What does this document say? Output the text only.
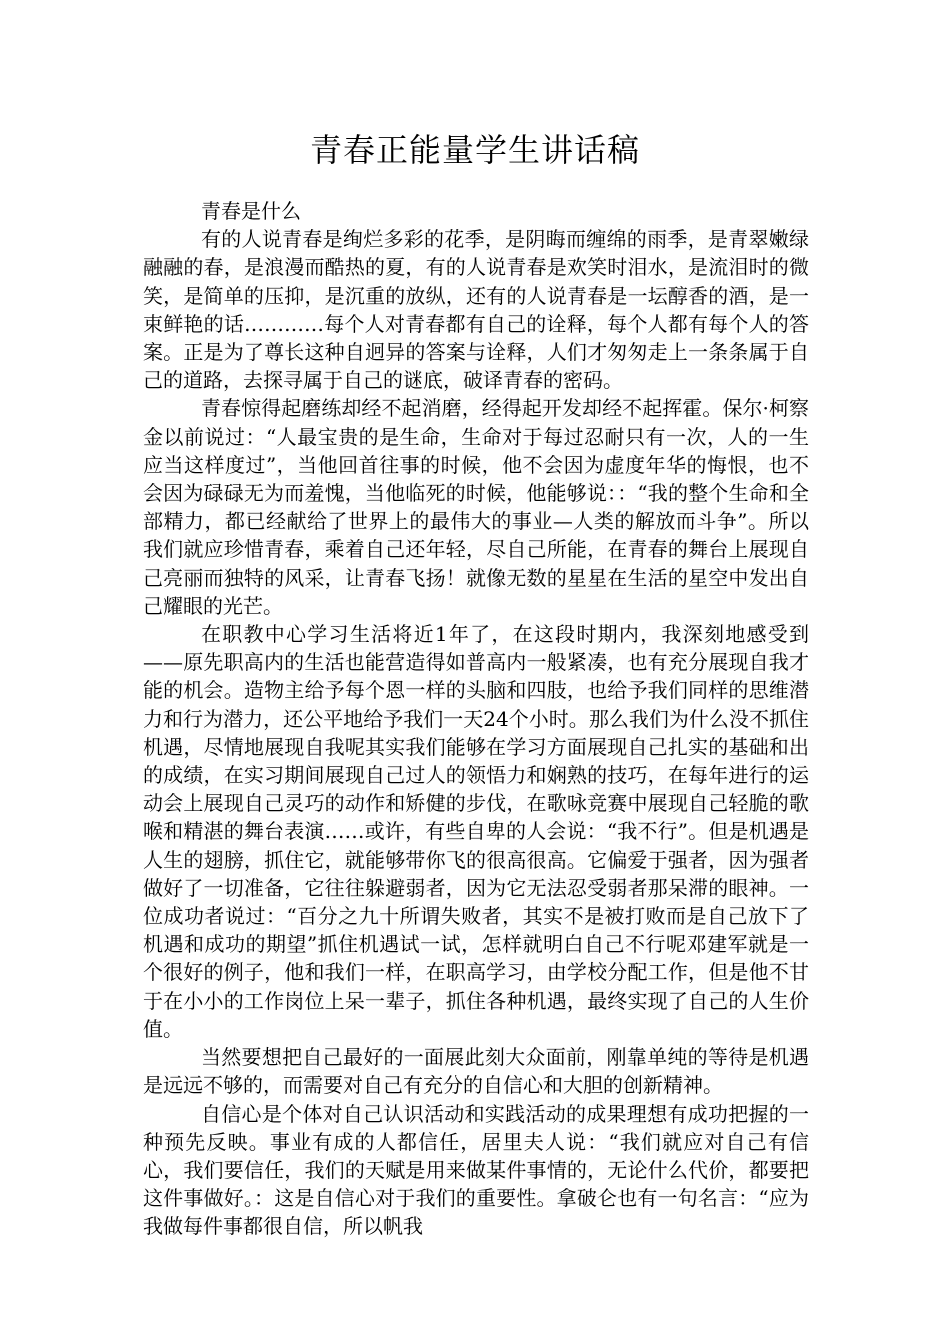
青春正能量学生讲话稿

青春是什么

有的人说青春是绚烂多彩的花季，是阴晦而缠绵的雨季，是青翠嫩绿融融的春，是浪漫而酷热的夏，有的人说青春是欢笑时泪水，是流泪时的微笑，是简单的压抑，是沉重的放纵，还有的人说青春是一坛醇香的酒，是一束鲜艳的话…………每个人对青春都有自己的诠释，每个人都有每个人的答案。正是为了尊长这种自迥异的答案与诠释，人们才匆匆走上一条条属于自己的道路，去探寻属于自己的谜底，破译青春的密码。

青春惊得起磨练却经不起消磨，经得起开发却经不起挥霍。保尔·柯察金以前说过：“人最宝贵的是生命，生命对于每过忍耐只有一次，人的一生应当这样度过”，当他回首往事的时候，他不会因为虚度年华的悔恨，也不会因为碌碌无为而羞愧，当他临死的时候，他能够说：：“我的整个生命和全部精力，都已经献给了世界上的最伟大的事业—人类的解放而斗争”。所以我们就应珍惜青春，乘着自己还年轻，尽自己所能，在青春的舞台上展现自己亮丽而独特的风采，让青春飞扬！就像无数的星星在生活的星空中发出自己耀眼的光芒。

在职教中心学习生活将近1年了，在这段时期内，我深刻地感受到——原先职高内的生活也能营造得如普高内一般紧凑，也有充分展现自我才能的机会。造物主给予每个恩一样的头脑和四肢，也给予我们同样的思维潜力和行为潜力，还公平地给予我们一天24个小时。那么我们为什么没不抓住机遇，尽情地展现自我呢其实我们能够在学习方面展现自己扎实的基础和出的成绩，在实习期间展现自己过人的领悟力和娴熟的技巧，在每年进行的运动会上展现自己灵巧的动作和矫健的步伐，在歌咏竞赛中展现自己轻脆的歌喉和精湛的舞台表演……或许，有些自卑的人会说：“我不行”。但是机遇是人生的翅膀，抓住它，就能够带你飞的很高很高。它偏爱于强者，因为强者做好了一切准备，它往往躲避弱者，因为它无法忍受弱者那呆滞的眼神。一位成功者说过：“百分之九十所谓失败者，其实不是被打败而是自己放下了机遇和成功的期望”抓住机遇试一试，怎样就明白自己不行呢邓建军就是一个很好的例子，他和我们一样，在职高学习，由学校分配工作，但是他不甘于在小小的工作岗位上呆一辈子，抓住各种机遇，最终实现了自己的人生价值。

当然要想把自己最好的一面展此刻大众面前，刚靠单纯的等待是机遇是远远不够的，而需要对自己有充分的自信心和大胆的创新精神。

自信心是个体对自己认识活动和实践活动的成果理想有成功把握的一种预先反映。事业有成的人都信任，居里夫人说：“我们就应对自己有信心，我们要信任，我们的天赋是用来做某件事情的，无论什么代价，都要把这件事做好。：这是自信心对于我们的重要性。拿破仑也有一句名言：“应为我做每件事都很自信，所以帆我
